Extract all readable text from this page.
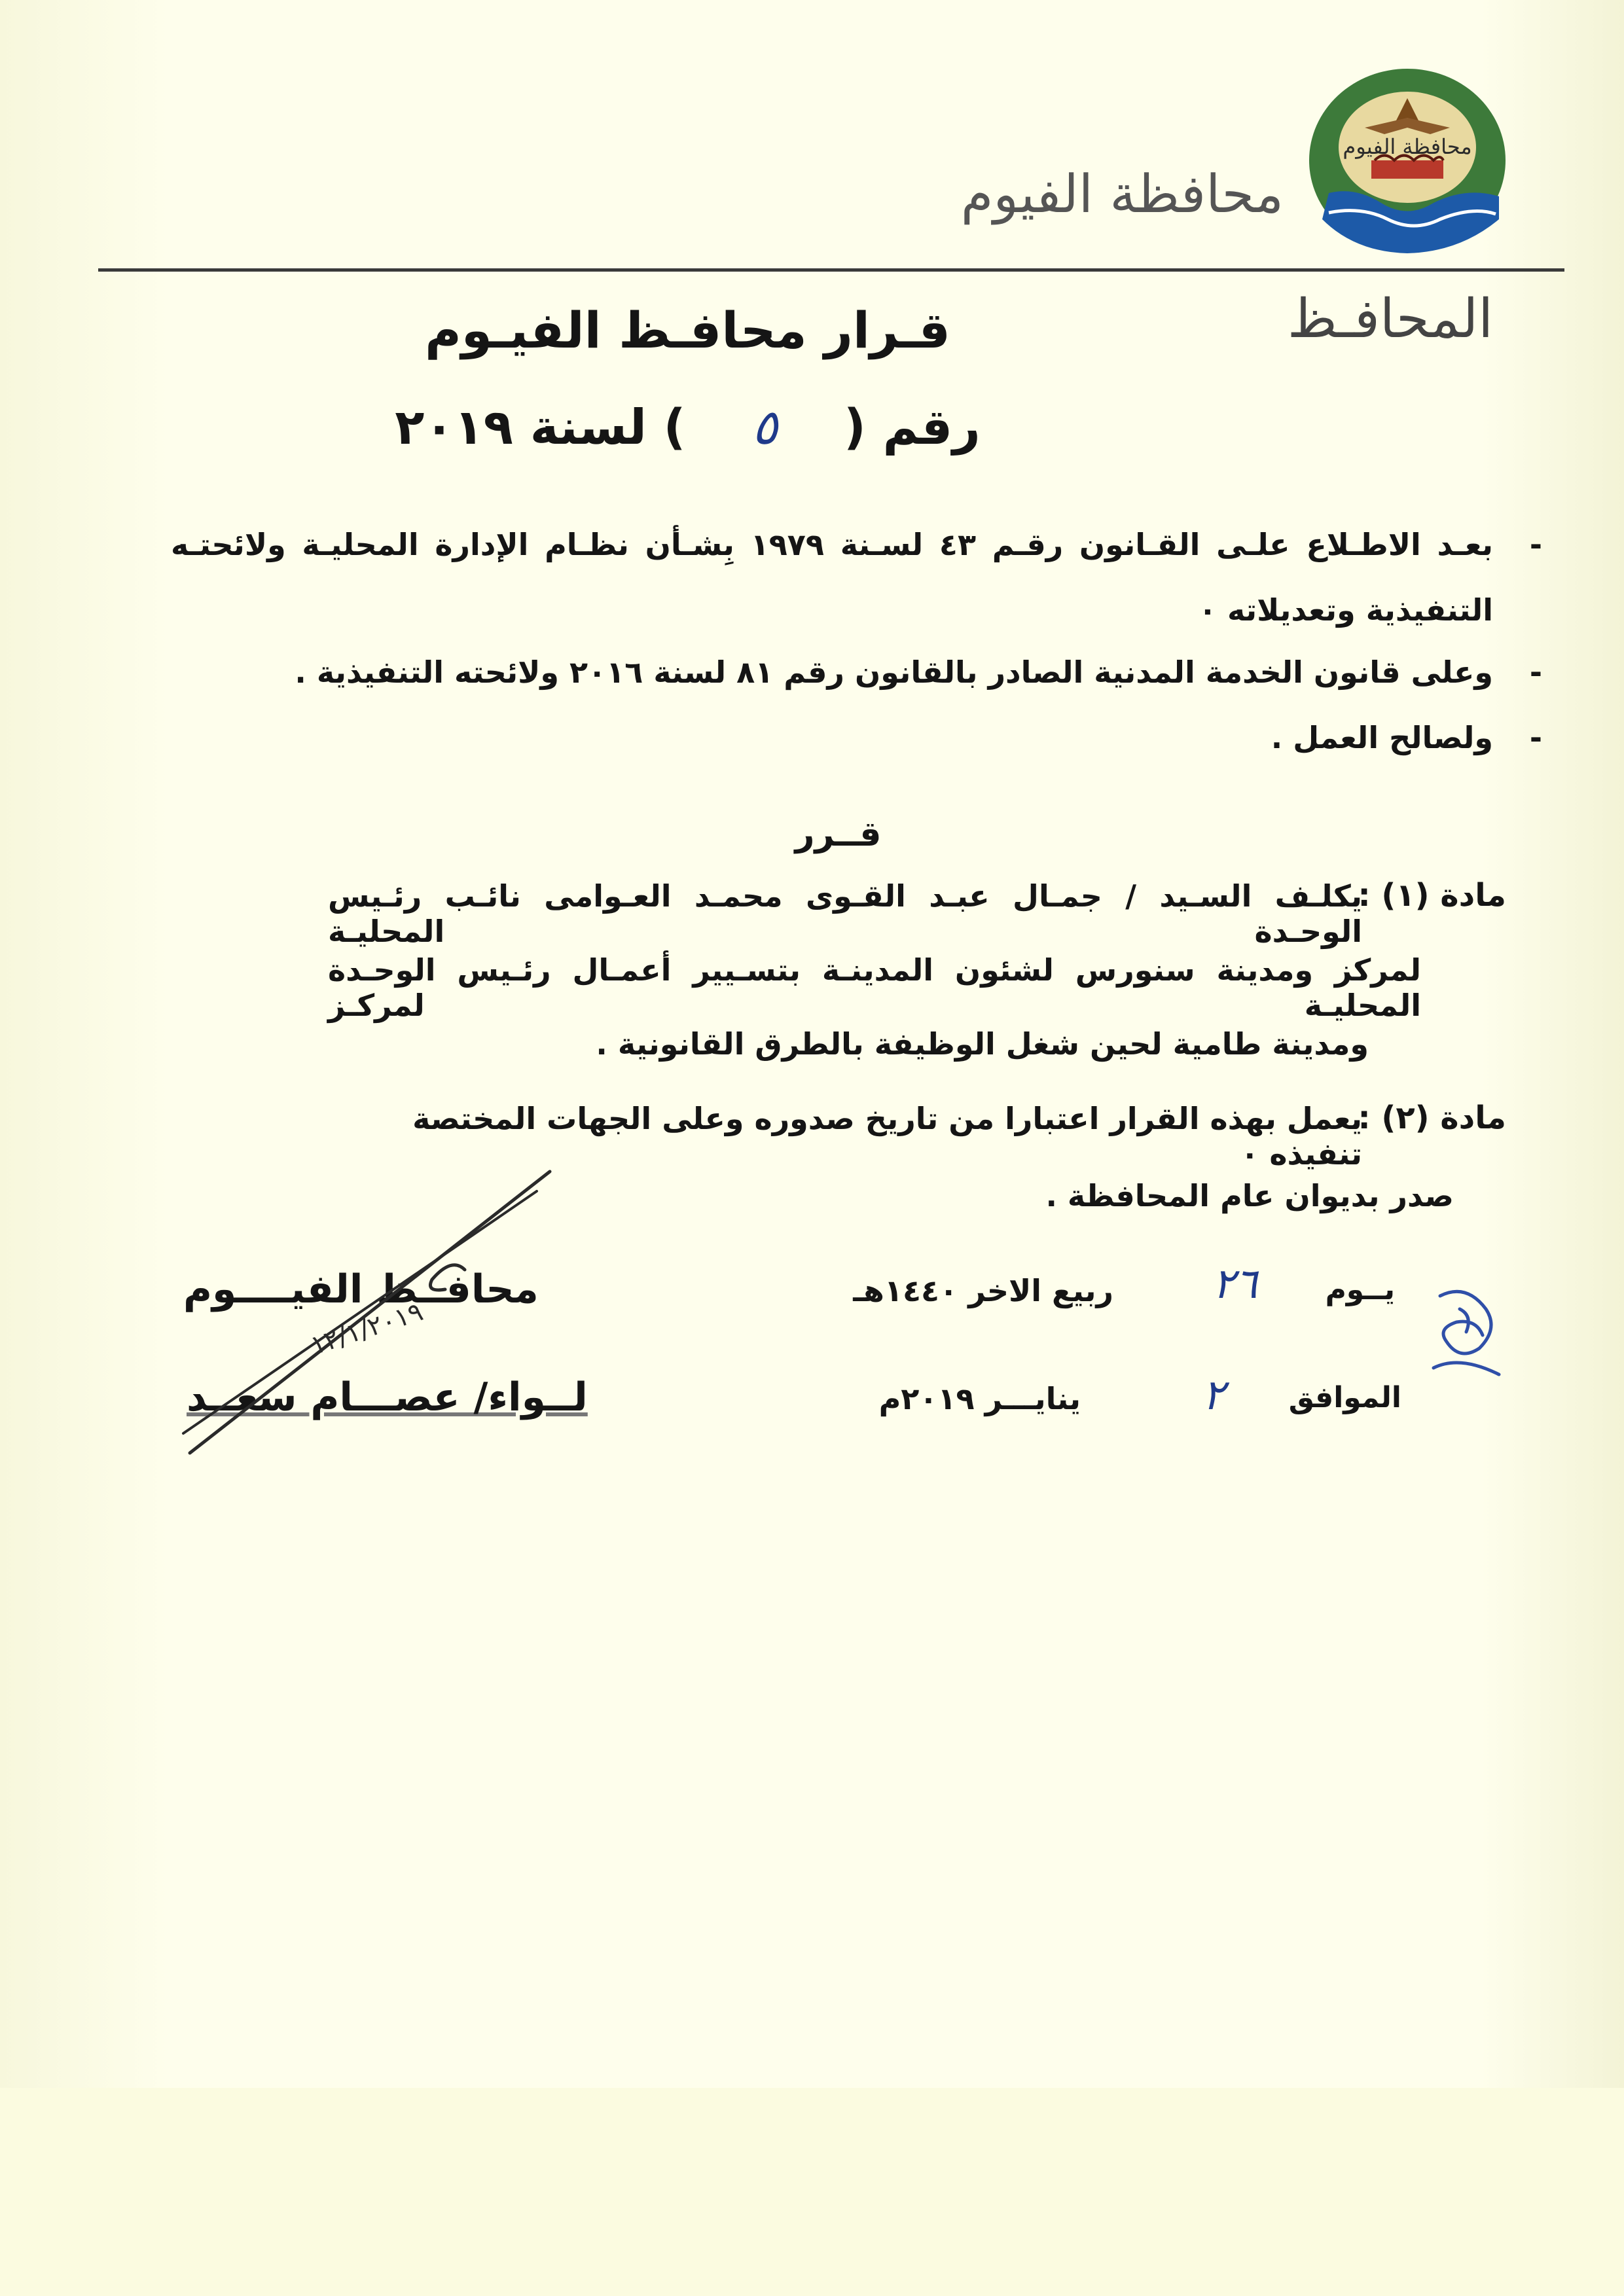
محافظة الفيوم
محافظة الفيوم
المحافـظ
قـرار محافـظ الفيـوم
رقم ( ٥ ) لسنة ٢٠١٩
-
بعـد الاطـلاع علـى القـانون رقـم ٤٣ لسـنة ١٩٧٩ بِشـأن نظـام الإدارة المحليـة ولائحتـه
التنفيذية وتعديلاته ٠
-
وعلى قانون الخدمة المدنية الصادر بالقانون رقم ٨١ لسنة ٢٠١٦ ولائحته التنفيذية .
-
ولصالح العمل .
قــرر
مادة (١) :
يكلـف السـيد / جمـال عبـد القـوى محمـد العـوامى نائـب رئـيس الوحـدة المحليـة
لمركز ومدينة سنورس لشئون المدينـة بتسـيير أعمـال رئـيس الوحـدة المحليـة لمركـز
ومدينة طامية لحين شغل الوظيفة بالطرق القانونية .
مادة (٢) :
يعمل بهذه القرار اعتبارا من تاريخ صدوره وعلى الجهات المختصة تنفيذه ٠
صدر بديوان عام المحافظة .
يــوم
٢٦
ربيع الاخر ١٤٤٠هـ
الموافق
٢
ينايـــر ٢٠١٩م
محافــظ الفيــــوم
لــواء/ عصـــام سعــد
١٢/١/٢٠١٩
